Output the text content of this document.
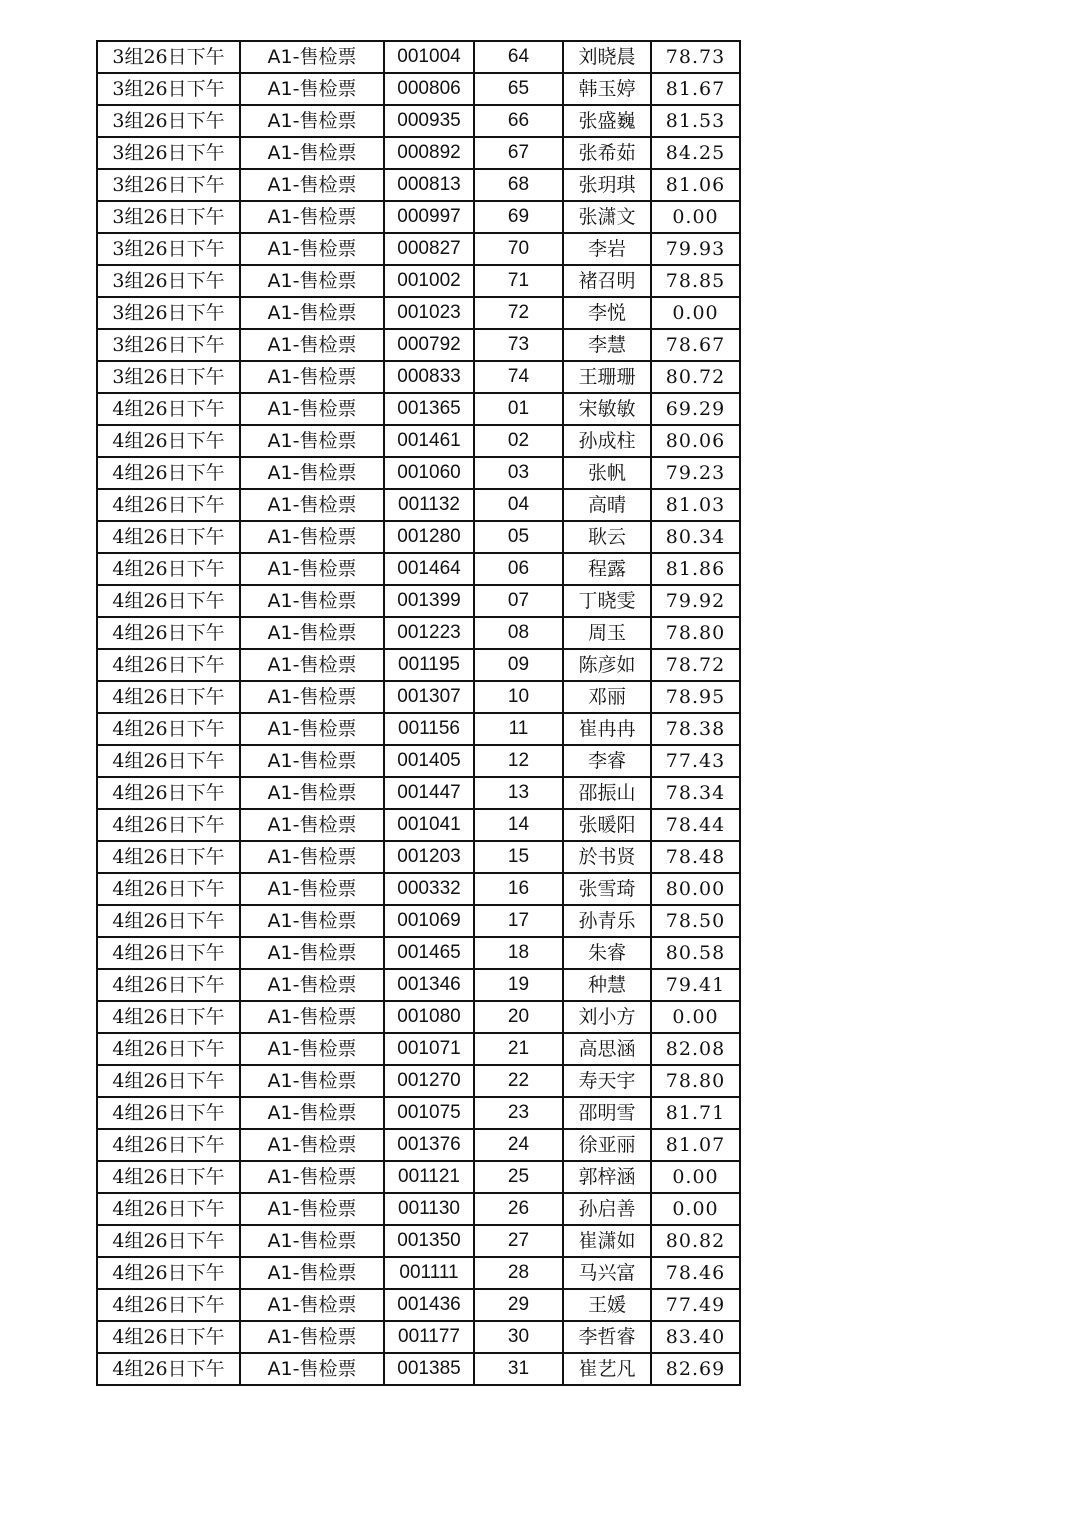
3组26日下午	A1-售检票	001004	64	刘晓晨	78.73
3组26日下午	A1-售检票	000806	65	韩玉婷	81.67
3组26日下午	A1-售检票	000935	66	张盛巍	81.53
3组26日下午	A1-售检票	000892	67	张希茹	84.25
3组26日下午	A1-售检票	000813	68	张玥琪	81.06
3组26日下午	A1-售检票	000997	69	张潇文	0.00
3组26日下午	A1-售检票	000827	70	李岩	79.93
3组26日下午	A1-售检票	001002	71	褚召明	78.85
3组26日下午	A1-售检票	001023	72	李悦	0.00
3组26日下午	A1-售检票	000792	73	李慧	78.67
3组26日下午	A1-售检票	000833	74	王珊珊	80.72
4组26日下午	A1-售检票	001365	01	宋敏敏	69.29
4组26日下午	A1-售检票	001461	02	孙成柱	80.06
4组26日下午	A1-售检票	001060	03	张帆	79.23
4组26日下午	A1-售检票	001132	04	高晴	81.03
4组26日下午	A1-售检票	001280	05	耿云	80.34
4组26日下午	A1-售检票	001464	06	程露	81.86
4组26日下午	A1-售检票	001399	07	丁晓雯	79.92
4组26日下午	A1-售检票	001223	08	周玉	78.80
4组26日下午	A1-售检票	001195	09	陈彦如	78.72
4组26日下午	A1-售检票	001307	10	邓丽	78.95
4组26日下午	A1-售检票	001156	11	崔冉冉	78.38
4组26日下午	A1-售检票	001405	12	李睿	77.43
4组26日下午	A1-售检票	001447	13	邵振山	78.34
4组26日下午	A1-售检票	001041	14	张暖阳	78.44
4组26日下午	A1-售检票	001203	15	於书贤	78.48
4组26日下午	A1-售检票	000332	16	张雪琦	80.00
4组26日下午	A1-售检票	001069	17	孙青乐	78.50
4组26日下午	A1-售检票	001465	18	朱睿	80.58
4组26日下午	A1-售检票	001346	19	种慧	79.41
4组26日下午	A1-售检票	001080	20	刘小方	0.00
4组26日下午	A1-售检票	001071	21	高思涵	82.08
4组26日下午	A1-售检票	001270	22	寿天宇	78.80
4组26日下午	A1-售检票	001075	23	邵明雪	81.71
4组26日下午	A1-售检票	001376	24	徐亚丽	81.07
4组26日下午	A1-售检票	001121	25	郭梓涵	0.00
4组26日下午	A1-售检票	001130	26	孙启善	0.00
4组26日下午	A1-售检票	001350	27	崔潇如	80.82
4组26日下午	A1-售检票	001111	28	马兴富	78.46
4组26日下午	A1-售检票	001436	29	王媛	77.49
4组26日下午	A1-售检票	001177	30	李哲睿	83.40
4组26日下午	A1-售检票	001385	31	崔艺凡	82.69
